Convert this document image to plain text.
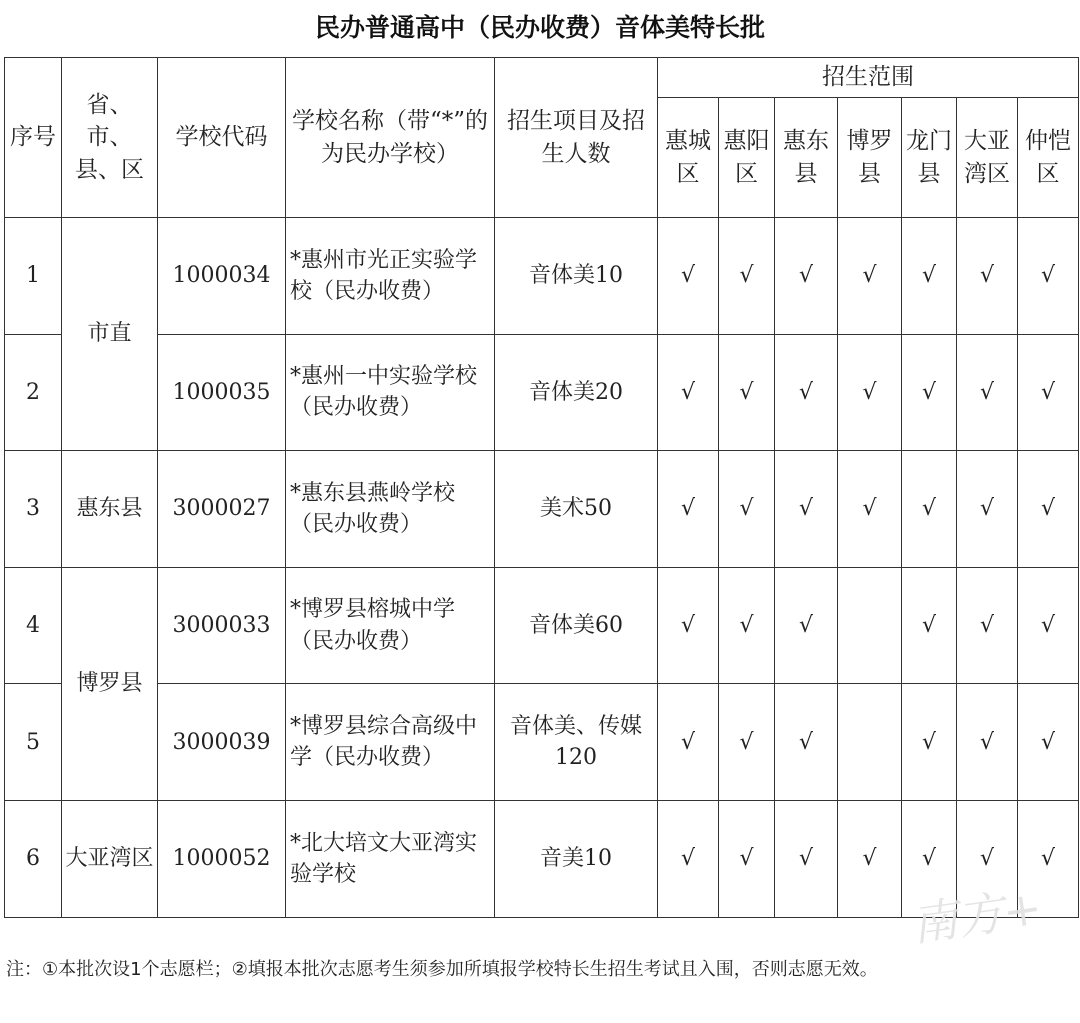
民办普通高中（民办收费）音体美特长批
序号	省、市、县、区	学校代码	学校名称（带“*”的为民办学校）	招生项目及招生人数	招生范围						
					惠城区	惠阳区	惠东县	博罗县	龙门县	大亚湾区	仲恺区
1	市直	1000034	*惠州市光正实验学校（民办收费）	音体美10	√	√	√	√	√	√	√
2		1000035	*惠州一中实验学校（民办收费）	音体美20	√	√	√	√	√	√	√
3	惠东县	3000027	*惠东县燕岭学校（民办收费）	美术50	√	√	√	√	√	√	√
4	博罗县	3000033	*博罗县榕城中学（民办收费）	音体美60	√	√	√		√	√	√
5		3000039	*博罗县综合高级中学（民办收费）	音体美、传媒120	√	√	√		√	√	√
6	大亚湾区	1000052	*北大培文大亚湾实验学校	音美10	√	√	√	√	√	√	√
南方+
注：①本批次设1个志愿栏；②填报本批次志愿考生须参加所填报学校特长生招生考试且入围，否则志愿无效。
